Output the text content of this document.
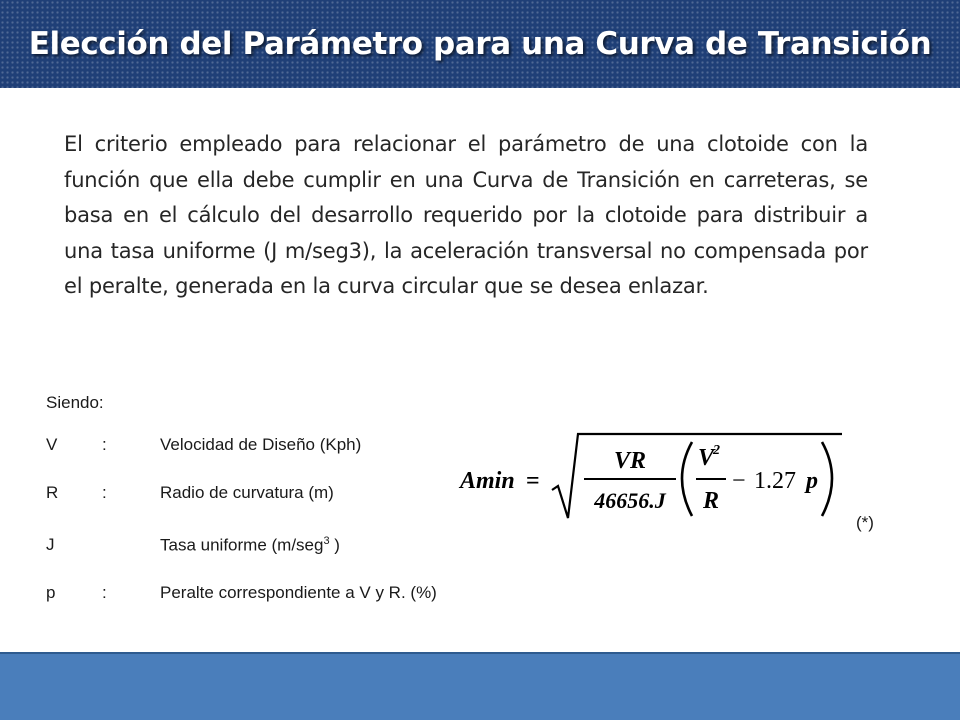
Elección del Parámetro para una Curva de Transición

El criterio empleado para relacionar el parámetro de una clotoide con la función que ella debe cumplir en una Curva de Transición en carreteras, se basa en el cálculo del desarrollo requerido por la clotoide para distribuir a una tasa uniforme (J m/seg3), la aceleración transversal no compensada por el peralte, generada en la curva circular que se desea enlazar.

Siendo:
V	:	Velocidad de Diseño (Kph)
R	:	Radio de curvatura (m)
J	Tasa uniforme (m/seg$^3$ )
p	:	Peralte correspondiente a V y R. (%)
Amin =
VR
46656.J
V
2
R
− 1.27 p
(*)
